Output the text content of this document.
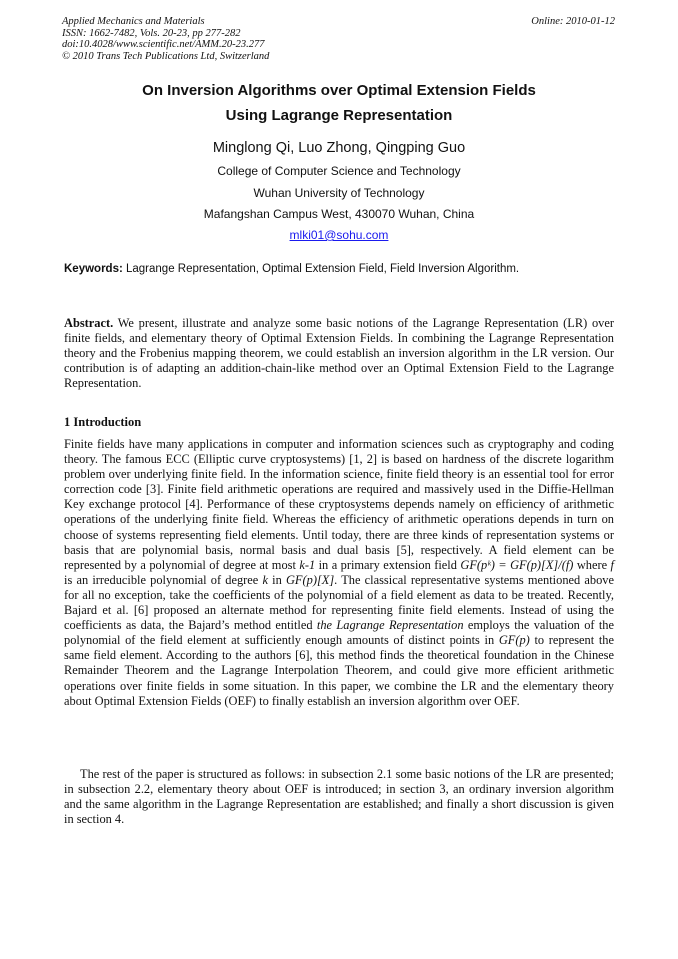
Applied Mechanics and Materials
ISSN: 1662-7482, Vols. 20-23, pp 277-282
doi:10.4028/www.scientific.net/AMM.20-23.277
© 2010 Trans Tech Publications Ltd, Switzerland
Online: 2010-01-12
On Inversion Algorithms over Optimal Extension Fields
Using Lagrange Representation
Minglong Qi, Luo Zhong, Qingping Guo
College of Computer Science and Technology
Wuhan University of Technology
Mafangshan Campus West, 430070 Wuhan, China
mlki01@sohu.com
Keywords: Lagrange Representation, Optimal Extension Field, Field Inversion Algorithm.
Abstract. We present, illustrate and analyze some basic notions of the Lagrange Representation (LR) over finite fields, and elementary theory of Optimal Extension Fields. In combining the Lagrange Representation theory and the Frobenius mapping theorem, we could establish an inversion algorithm in the LR version. Our contribution is of adapting an addition-chain-like method over an Optimal Extension Field to the Lagrange Representation.
1 Introduction
Finite fields have many applications in computer and information sciences such as cryptography and coding theory. The famous ECC (Elliptic curve cryptosystems) [1, 2] is based on hardness of the discrete logarithm problem over underlying finite field. In the information science, finite field theory is an essential tool for error correction code [3]. Finite field arithmetic operations are required and massively used in the Diffie-Hellman Key exchange protocol [4]. Performance of these cryptosystems depends namely on efficiency of arithmetic operations of the underlying finite field. Whereas the efficiency of arithmetic operations depends in turn on choose of systems representing field elements. Until today, there are three kinds of representation systems or basis that are polynomial basis, normal basis and dual basis [5], respectively. A field element can be represented by a polynomial of degree at most k-1 in a primary extension field GF(pᵏ) = GF(p)[X]/(f) where f is an irreducible polynomial of degree k in GF(p)[X]. The classical representative systems mentioned above for all no exception, take the coefficients of the polynomial of a field element as data to be treated. Recently, Bajard et al. [6] proposed an alternate method for representing finite field elements. Instead of using the coefficients as data, the Bajard’s method entitled the Lagrange Representation employs the valuation of the polynomial of the field element at sufficiently enough amounts of distinct points in GF(p) to represent the same field element. According to the authors [6], this method finds the theoretical foundation in the Chinese Remainder Theorem and the Lagrange Interpolation Theorem, and could give more efficient arithmetic operations over finite fields in some situation. In this paper, we combine the LR and the elementary theory about Optimal Extension Fields (OEF) to finally establish an inversion algorithm over OEF.
The rest of the paper is structured as follows: in subsection 2.1 some basic notions of the LR are presented; in subsection 2.2, elementary theory about OEF is introduced; in section 3, an ordinary inversion algorithm and the same algorithm in the Lagrange Representation are established; and finally a short discussion is given in section 4.
